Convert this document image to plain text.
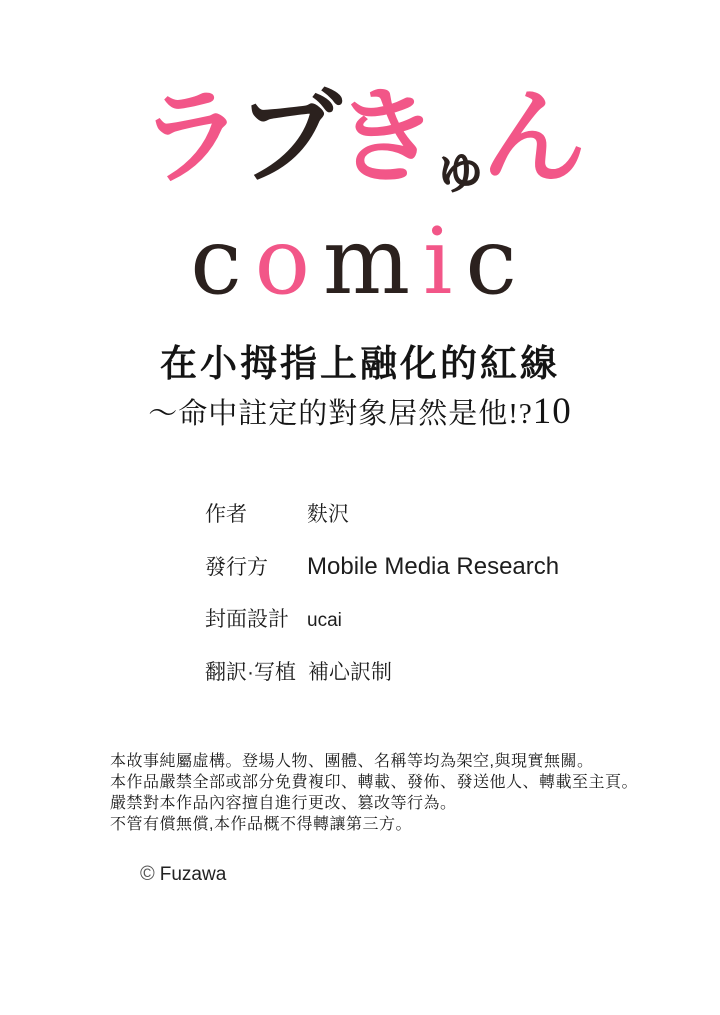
ラブきゅん
comic
在小拇指上融化的紅線
～命中註定的對象居然是他!?10
作者	麩沢
發行方	Mobile Media Research
封面設計 ucai
翻訳·写植 補心訳制

本故事純屬虛構。登場人物、團體、名稱等均為架空,與現實無關。

本作品嚴禁全部或部分免費複印、轉載、發佈、發送他人、轉載至主頁。

嚴禁對本作品內容擅自進行更改、篡改等行為。

不管有償無償,本作品概不得轉讓第三方。

© Fuzawa
